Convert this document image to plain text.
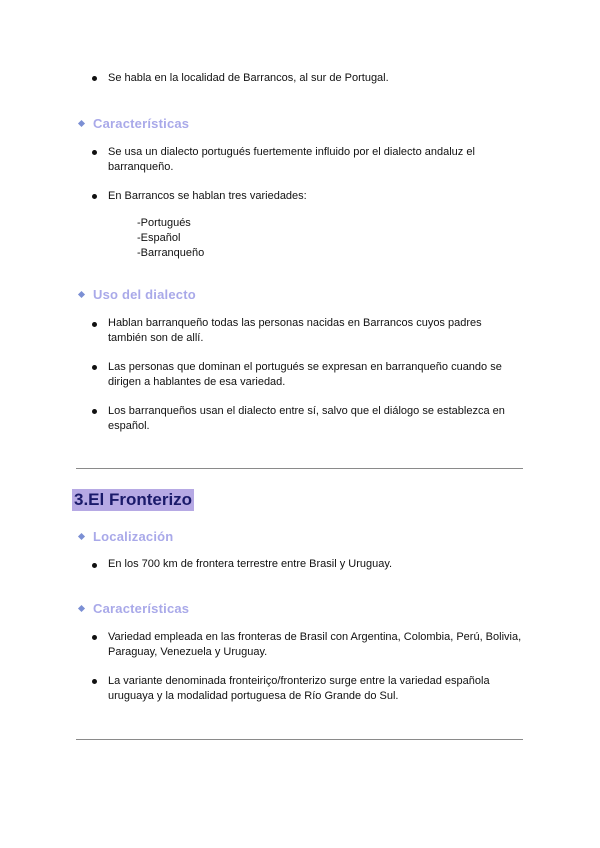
Se habla en la localidad de Barrancos, al sur de Portugal.

Características

Se usa un dialecto portugués fuertemente influido por el dialecto andaluz el

barranqueño.

En Barrancos se hablan tres variedades:

-Portugués

-Español

-Barranqueño

Uso del dialecto

Hablan barranqueño todas las personas nacidas en Barrancos cuyos padres

también son de allí.

Las personas que dominan el portugués se expresan en barranqueño cuando se

dirigen a hablantes de esa variedad.

Los barranqueños usan el dialecto entre sí, salvo que el diálogo se establezca en

español.

3.El Fronterizo
Localización

En los 700 km de frontera terrestre entre Brasil y Uruguay.

Características

Variedad empleada en las fronteras de Brasil con Argentina, Colombia, Perú, Bolivia,

Paraguay, Venezuela y Uruguay.

La variante denominada fronteiriço/fronterizo surge entre la variedad española

uruguaya y la modalidad portuguesa de Río Grande do Sul.
